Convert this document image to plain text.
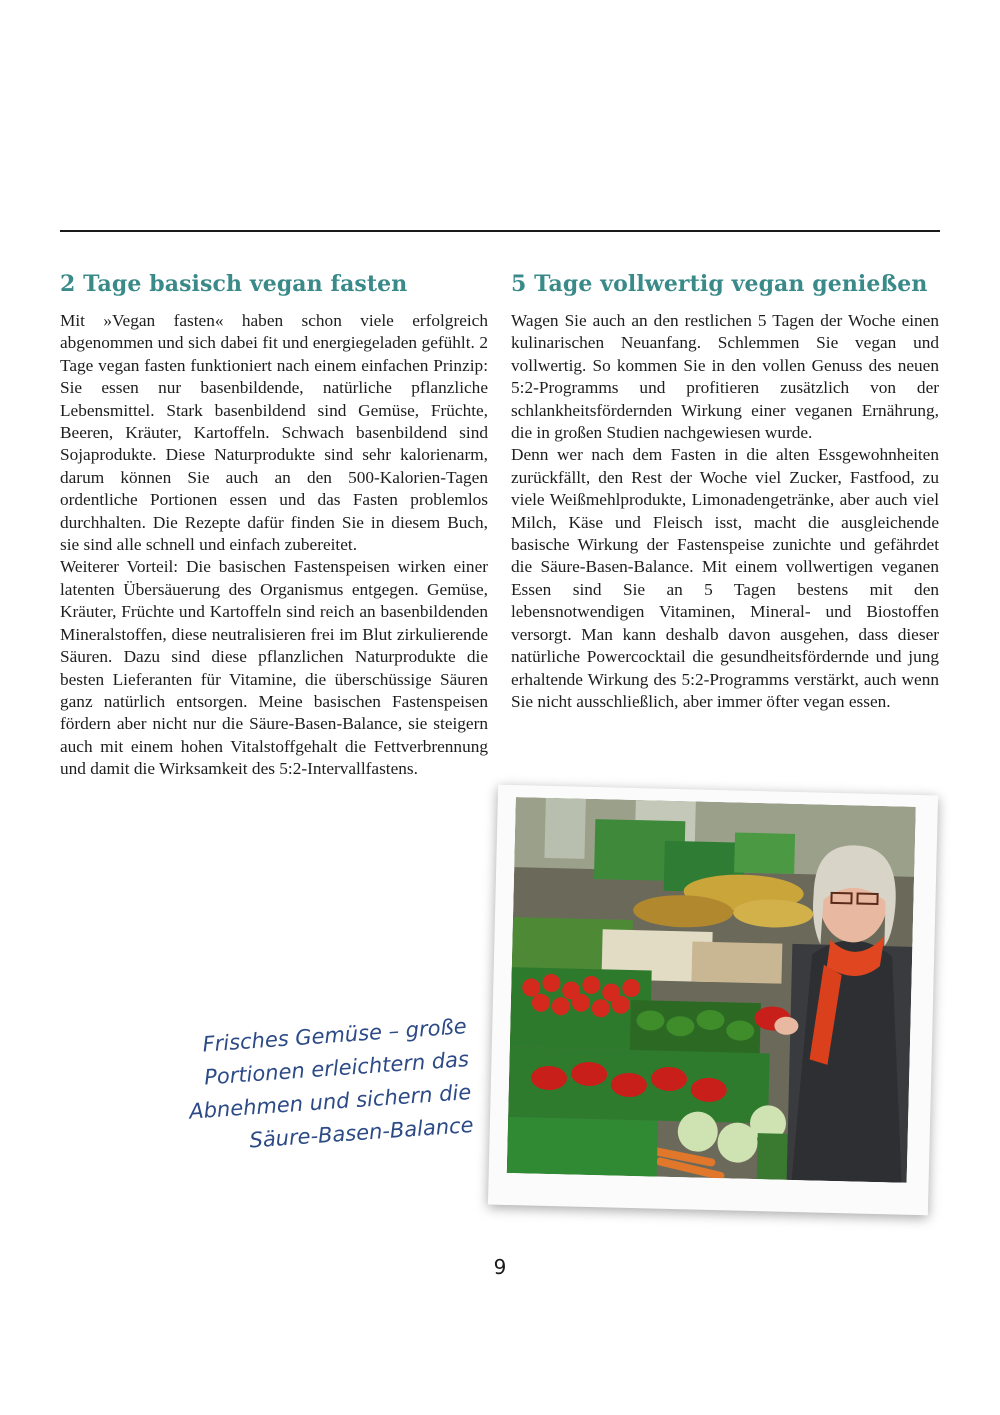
2 Tage basisch vegan fasten

Mit »Vegan fasten« haben schon viele erfolgreich abgenommen und sich dabei fit und energiegeladen gefühlt. 2 Tage vegan fasten funktioniert nach einem einfachen Prinzip: Sie essen nur basenbildende, natürliche pflanzliche Lebensmittel. Stark basenbildend sind Gemüse, Früchte, Beeren, Kräuter, Kartoffeln. Schwach basenbildend sind Sojaprodukte. Diese Naturprodukte sind sehr kalorienarm, darum können Sie auch an den 500-Kalorien-Tagen ordentliche Portionen essen und das Fasten problemlos durchhalten. Die Rezepte dafür finden Sie in diesem Buch, sie sind alle schnell und einfach zubereitet.

Weiterer Vorteil: Die basischen Fastenspeisen wirken einer latenten Übersäuerung des Organismus entgegen. Gemüse, Kräuter, Früchte und Kartoffeln sind reich an basenbildenden Mineralstoffen, diese neutralisieren frei im Blut zirkulierende Säuren. Dazu sind diese pflanzlichen Naturprodukte die besten Lieferanten für Vitamine, die überschüssige Säuren ganz natürlich entsorgen. Meine basischen Fastenspeisen fördern aber nicht nur die Säure-Basen-Balance, sie steigern auch mit einem hohen Vitalstoffgehalt die Fettverbrennung und damit die Wirksamkeit des 5:2-Intervallfastens.

5 Tage vollwertig vegan genießen

Wagen Sie auch an den restlichen 5 Tagen der Woche einen kulinarischen Neuanfang. Schlemmen Sie vegan und vollwertig. So kommen Sie in den vollen Genuss des neuen 5:2-Programms und profitieren zusätzlich von der schlankheitsfördernden Wirkung einer veganen Ernährung, die in großen Studien nachgewiesen wurde.

Denn wer nach dem Fasten in die alten Essgewohnheiten zurückfällt, den Rest der Woche viel Zucker, Fastfood, zu viele Weißmehlprodukte, Limonadengetränke, aber auch viel Milch, Käse und Fleisch isst, macht die ausgleichende basische Wirkung der Fastenspeise zunichte und gefährdet die Säure-Basen-Balance. Mit einem vollwertigen veganen Essen sind Sie an 5 Tagen bestens mit den lebensnotwendigen Vitaminen, Mineral- und Biostoffen versorgt. Man kann deshalb davon ausgehen, dass dieser natürliche Powercocktail die gesundheitsfördernde und jung erhaltende Wirkung des 5:2-Programms verstärkt, auch wenn Sie nicht ausschließlich, aber immer öfter vegan essen.

Frisches Gemüse – große
Portionen erleichtern das
Abnehmen und sichern die
Säure-Basen-Balance
9
